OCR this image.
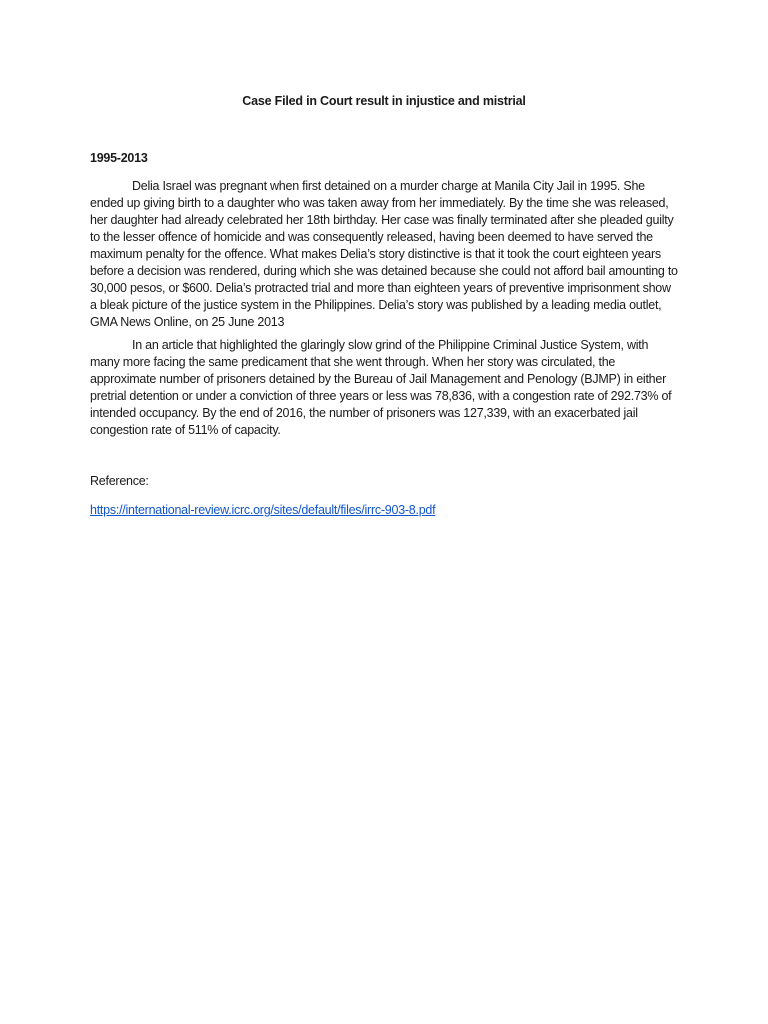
Case Filed in Court result in injustice and mistrial

1995-2013

Delia Israel was pregnant when first detained on a murder charge at Manila City Jail in 1995. She ended up giving birth to a daughter who was taken away from her immediately. By the time she was released, her daughter had already celebrated her 18th birthday. Her case was finally terminated after she pleaded guilty to the lesser offence of homicide and was consequently released, having been deemed to have served the maximum penalty for the offence. What makes Delia’s story distinctive is that it took the court eighteen years before a decision was rendered, during which she was detained because she could not afford bail amounting to 30,000 pesos, or $600. Delia’s protracted trial and more than eighteen years of preventive imprisonment show a bleak picture of the justice system in the Philippines. Delia’s story was published by a leading media outlet, GMA News Online, on 25 June 2013

In an article that highlighted the glaringly slow grind of the Philippine Criminal Justice System, with many more facing the same predicament that she went through. When her story was circulated, the approximate number of prisoners detained by the Bureau of Jail Management and Penology (BJMP) in either pretrial detention or under a conviction of three years or less was 78,836, with a congestion rate of 292.73% of intended occupancy. By the end of 2016, the number of prisoners was 127,339, with an exacerbated jail congestion rate of 511% of capacity.

Reference:

https://international-review.icrc.org/sites/default/files/irrc-903-8.pdf
